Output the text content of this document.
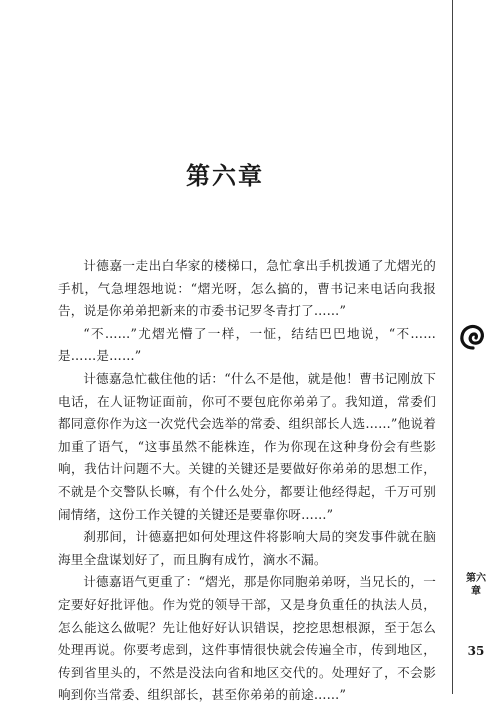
第六章

计德嘉一走出白华家的楼梯口，急忙拿出手机拨通了尤熠光的手机，气急埋怨地说：“熠光呀，怎么搞的，曹书记来电话向我报告，说是你弟弟把新来的市委书记罗冬青打了……”

“不……”尤熠光懵了一样，一怔，结结巴巴地说，“不……是……是……”

计德嘉急忙截住他的话：“什么不是他，就是他！曹书记刚放下电话，在人证物证面前，你可不要包庇你弟弟了。我知道，常委们都同意你作为这一次党代会选举的常委、组织部长人选……”他说着加重了语气，“这事虽然不能株连，作为你现在这种身份会有些影响，我估计问题不大。关键的关键还是要做好你弟弟的思想工作，不就是个交警队长嘛，有个什么处分，都要让他经得起，千万可别闹情绪，这份工作关键的关键还是要靠你呀……”

刹那间，计德嘉把如何处理这件将影响大局的突发事件就在脑海里全盘谋划好了，而且胸有成竹，滴水不漏。

计德嘉语气更重了：“熠光，那是你同胞弟弟呀，当兄长的，一定要好好批评他。作为党的领导干部，又是身负重任的执法人员，怎么能这么做呢？先让他好好认识错误，挖挖思想根源，至于怎么处理再说。你要考虑到，这件事情很快就会传遍全市，传到地区，传到省里头的，不然是没法向省和地区交代的。处理好了，不会影响到你当常委、组织部长，甚至你弟弟的前途……”

第六章
35
